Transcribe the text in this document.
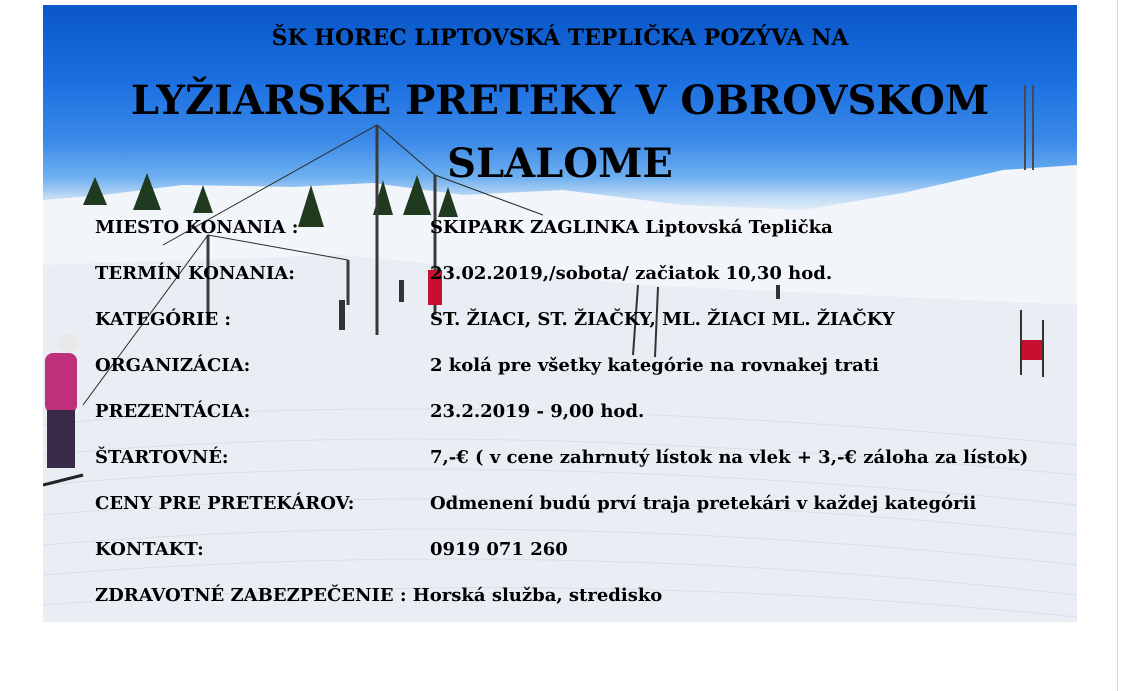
ŠK HOREC LIPTOVSKÁ TEPLIČKA POZÝVA NA
LYŽIARSKE PRETEKY V OBROVSKOM
SLALOME
MIESTO KONANIA :	SKIPARK ZAGLINKA Liptovská Teplička
TERMÍN KONANIA:	23.02.2019,/sobota/ začiatok 10,30 hod.
KATEGÓRIE :	ST. ŽIACI, ST. ŽIAČKY, ML. ŽIACI ML. ŽIAČKY
ORGANIZÁCIA:	2 kolá pre všetky kategórie na rovnakej trati
PREZENTÁCIA:	23.2.2019 - 9,00 hod.
ŠTARTOVNÉ:	7,-€ ( v cene zahrnutý lístok na vlek + 3,-€ záloha za lístok)
CENY PRE PRETEKÁROV:	Odmenení budú prví traja pretekári v každej kategórii
KONTAKT:	0919 071 260
ZDRAVOTNÉ ZABEZPEČENIE : Horská služba, stredisko
